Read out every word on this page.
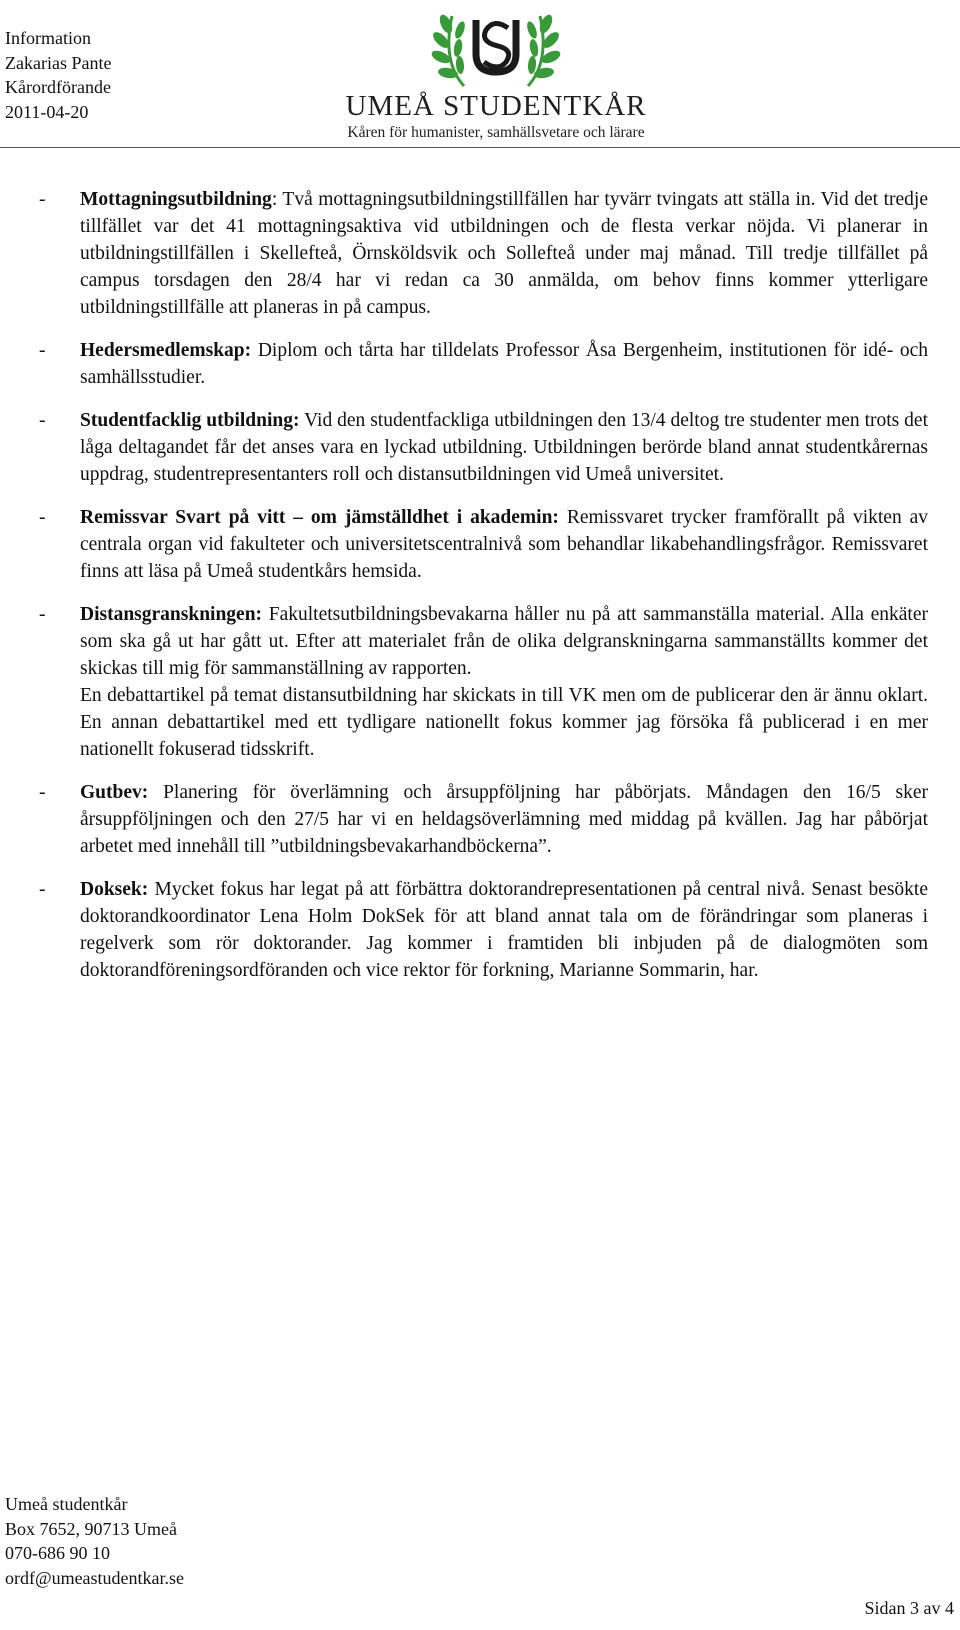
Information
Zakarias Pante
Kårordförande
2011-04-20	UMEÅ STUDENTKÅR
Kåren för humanister, samhällsvetare och lärare
- Mottagningsutbildning: Två mottagningsutbildningstillfällen har tyvärr tvingats att ställa in. Vid det tredje tillfället var det 41 mottagningsaktiva vid utbildningen och de flesta verkar nöjda. Vi planerar in utbildningstillfällen i Skellefteå, Örnsköldsvik och Sollefteå under maj månad. Till tredje tillfället på campus torsdagen den 28/4 har vi redan ca 30 anmälda, om behov finns kommer ytterligare utbildningstillfälle att planeras in på campus.
- Hedersmedlemskap: Diplom och tårta har tilldelats Professor Åsa Bergenheim, institutionen för idé- och samhällsstudier.
- Studentfacklig utbildning: Vid den studentfackliga utbildningen den 13/4 deltog tre studenter men trots det låga deltagandet får det anses vara en lyckad utbildning. Utbildningen berörde bland annat studentkårernas uppdrag, studentrepresentanters roll och distansutbildningen vid Umeå universitet.
- Remissvar Svart på vitt – om jämställdhet i akademin: Remissvaret trycker framförallt på vikten av centrala organ vid fakulteter och universitetscentralnivå som behandlar likabehandlingsfrågor. Remissvaret finns att läsa på Umeå studentkårs hemsida.
- Distansgranskningen: Fakultetsutbildningsbevakarna håller nu på att sammanställa material. Alla enkäter som ska gå ut har gått ut. Efter att materialet från de olika delgranskningarna sammanställts kommer det skickas till mig för sammanställning av rapporten.
En debattartikel på temat distansutbildning har skickats in till VK men om de publicerar den är ännu oklart. En annan debattartikel med ett tydligare nationellt fokus kommer jag försöka få publicerad i en mer nationellt fokuserad tidsskrift.
- Gutbev: Planering för överlämning och årsuppföljning har påbörjats. Måndagen den 16/5 sker årsuppföljningen och den 27/5 har vi en heldagsöverlämning med middag på kvällen. Jag har påbörjat arbetet med innehåll till ”utbildningsbevakarhandböckerna”.
- Doksek: Mycket fokus har legat på att förbättra doktorandrepresentationen på central nivå. Senast besökte doktorandkoordinator Lena Holm DokSek för att bland annat tala om de förändringar som planeras i regelverk som rör doktorander. Jag kommer i framtiden bli inbjuden på de dialogmöten som doktorandföreningsordföranden och vice rektor för forkning, Marianne Sommarin, har.
Umeå studentkår
Box 7652, 90713 Umeå
070-686 90 10
ordf@umeastudentkar.se
Sidan 3 av 4
